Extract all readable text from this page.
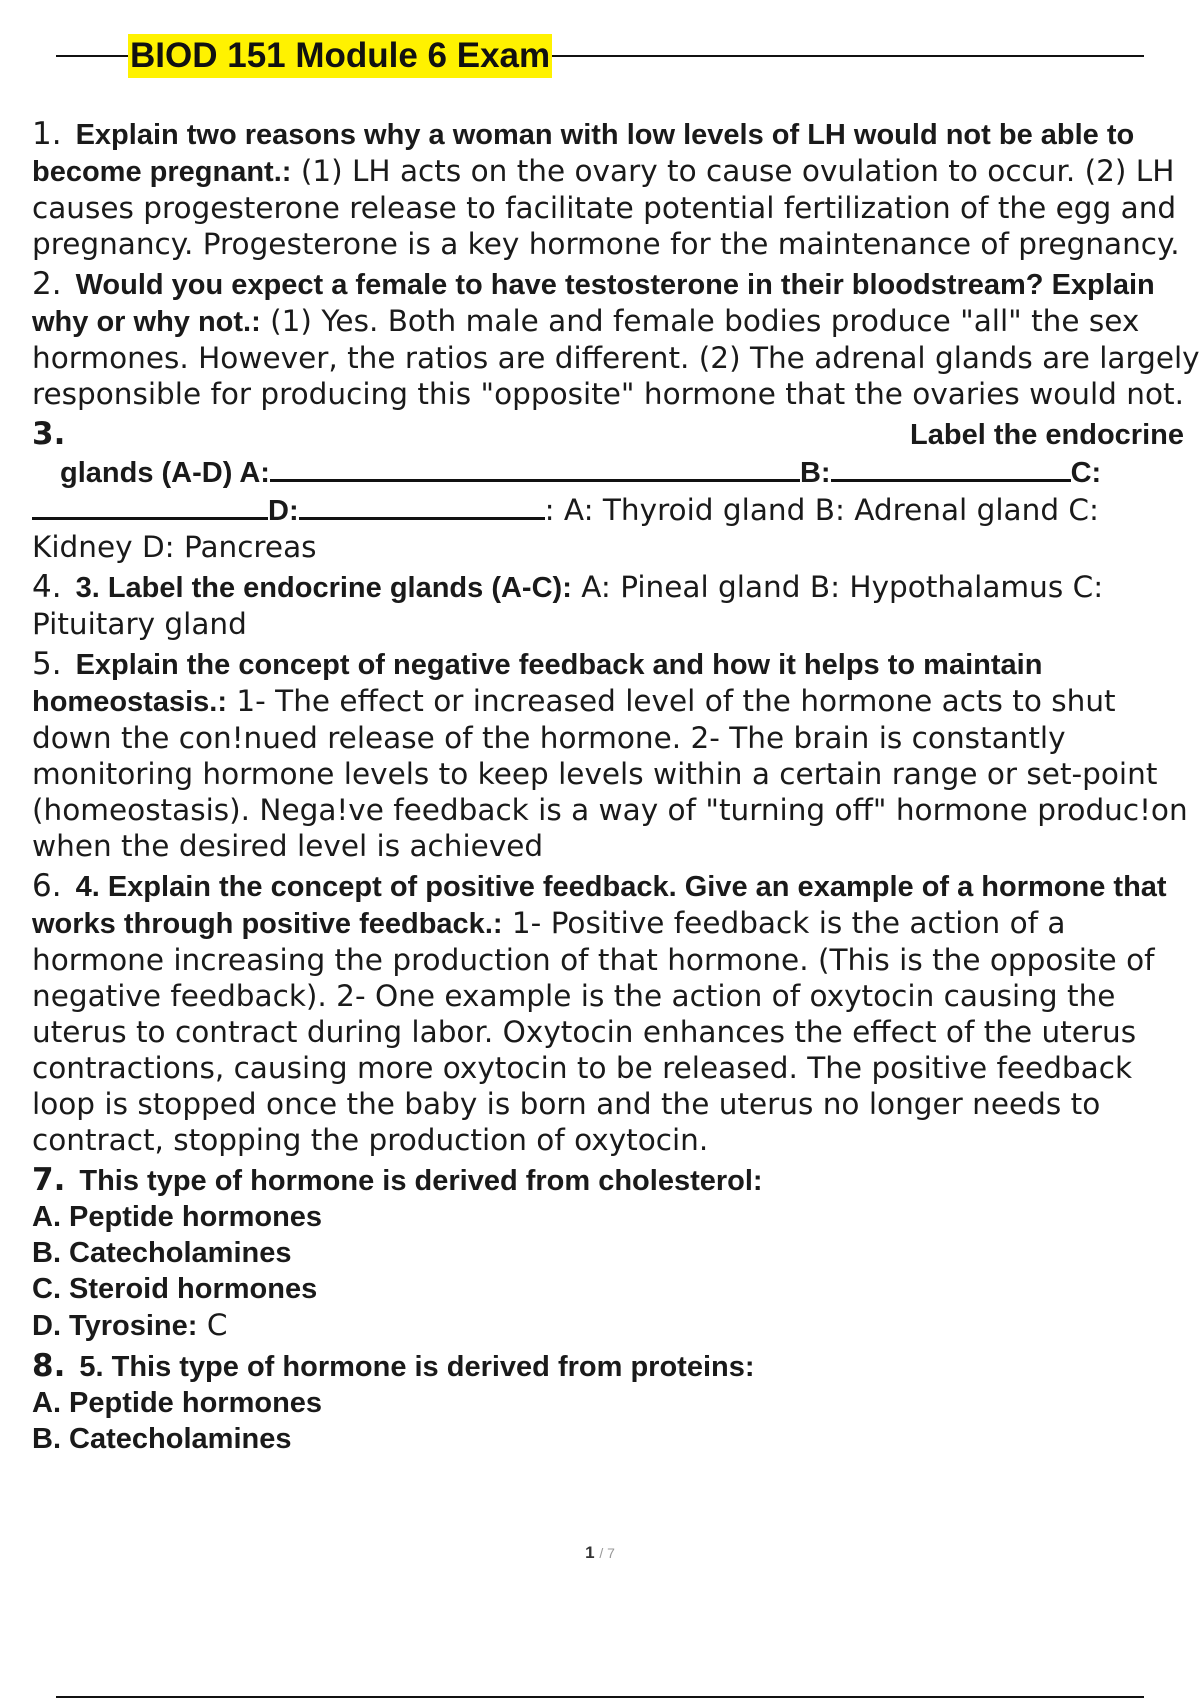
BIOD 151 Module 6 Exam
1. Explain two reasons why a woman with low levels of LH would not be able to become pregnant.: (1) LH acts on the ovary to cause ovulation to occur. (2) LH causes progesterone release to facilitate potential fertilization of the egg and pregnancy. Progesterone is a key hormone for the maintenance of pregnancy.
2. Would you expect a female to have testosterone in their bloodstream? Explain why or why not.: (1) Yes. Both male and female bodies produce "all" the sex hormones. However, the ratios are different. (2) The adrenal glands are largely responsible for producing this "opposite" hormone that the ovaries would not.
3.	Label the endocrine
glands (A-D) A:	B:	C:
D:	: A: Thyroid gland B: Adrenal gland C:
Kidney D: Pancreas
4. 3. Label the endocrine glands (A-C): A: Pineal gland B: Hypothalamus C: Pituitary gland
5. Explain the concept of negative feedback and how it helps to maintain homeostasis.: 1- The effect or increased level of the hormone acts to shut down the con!nued release of the hormone. 2- The brain is constantly monitoring hormone levels to keep levels within a certain range or set-point (homeostasis). Nega!ve feedback is a way of "turning off" hormone produc!on when the desired level is achieved
6. 4. Explain the concept of positive feedback. Give an example of a hormone that works through positive feedback.: 1- Positive feedback is the action of a hormone increasing the production of that hormone. (This is the opposite of negative feedback). 2- One example is the action of oxytocin causing the uterus to contract during labor. Oxytocin enhances the effect of the uterus contractions, causing more oxytocin to be released. The positive feedback loop is stopped once the baby is born and the uterus no longer needs to contract, stopping the production of oxytocin.
7. This type of hormone is derived from cholesterol:
A. Peptide hormones
B. Catecholamines
C. Steroid hormones
D. Tyrosine: C
8. 5. This type of hormone is derived from proteins:
A. Peptide hormones
B. Catecholamines
1 / 7
